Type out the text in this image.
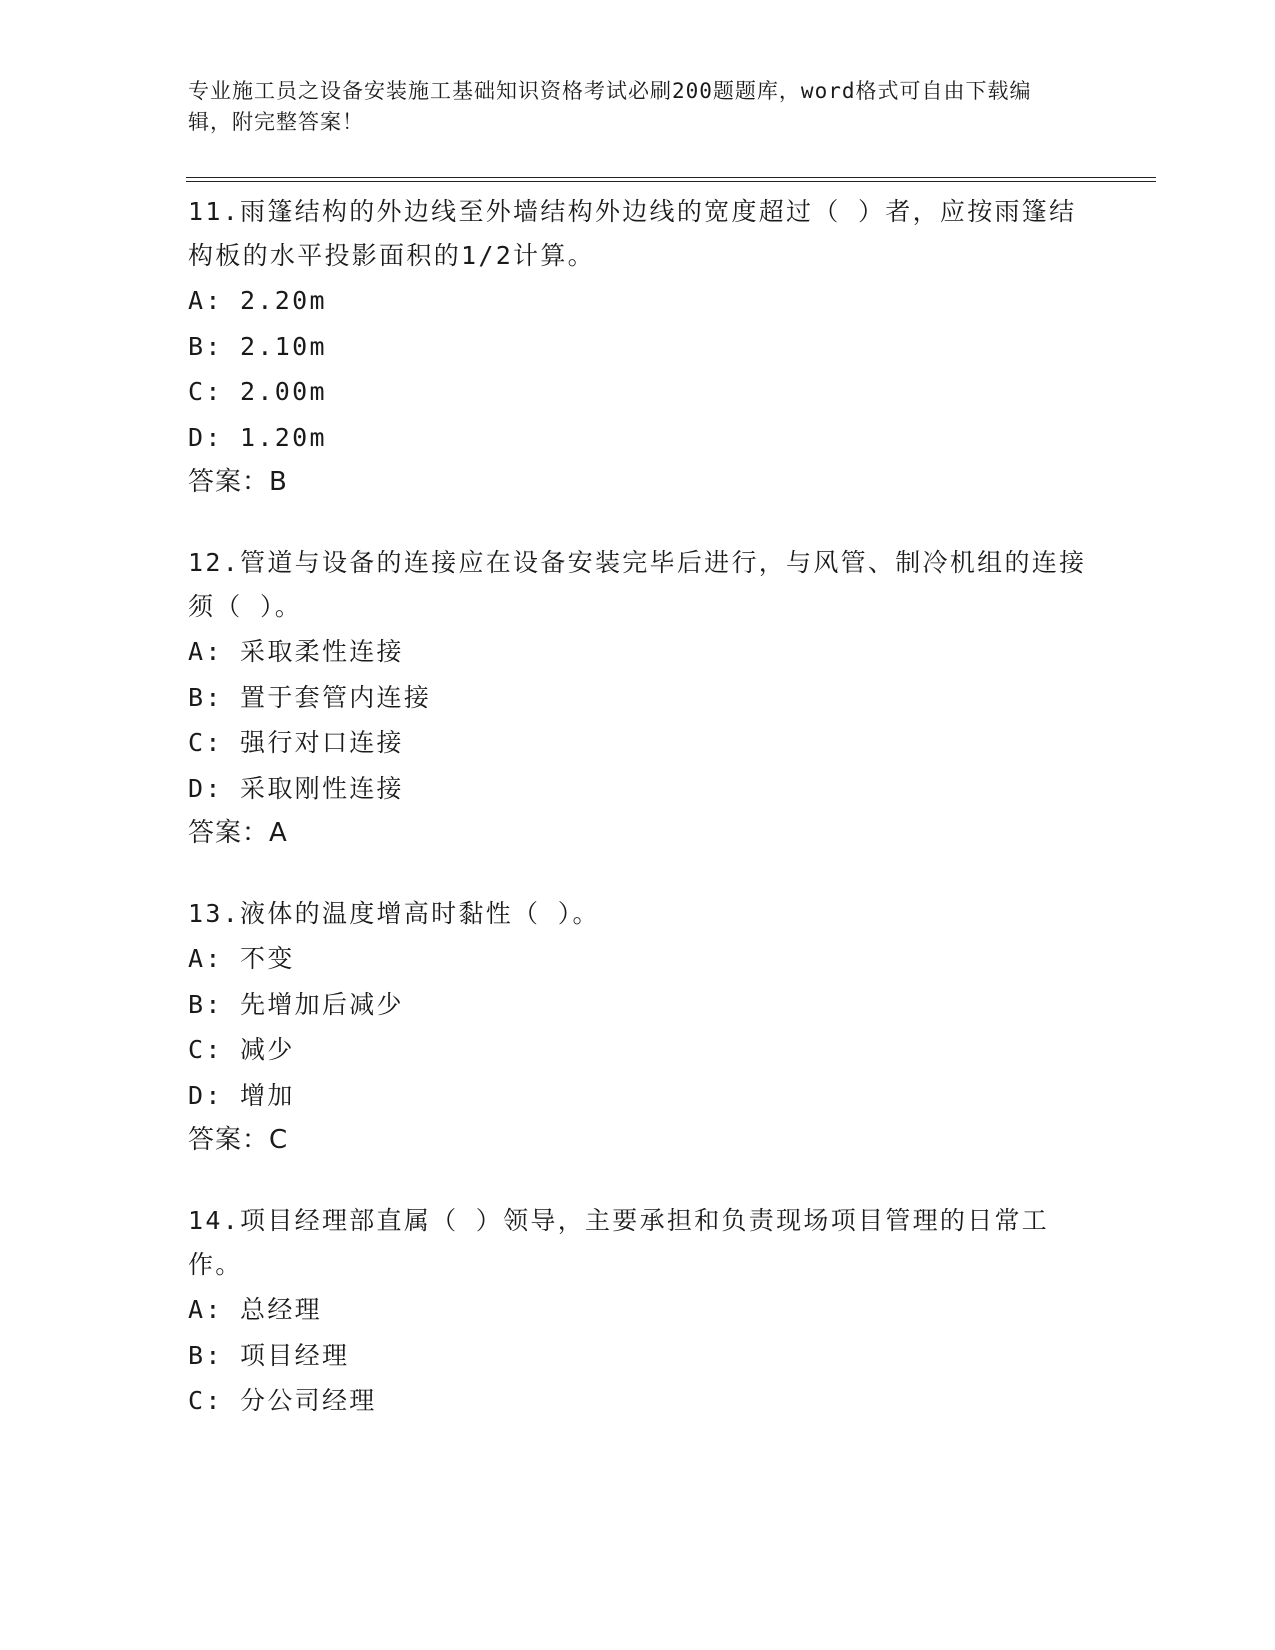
专业施工员之设备安装施工基础知识资格考试必刷200题题库，word格式可自由下载编辑，附完整答案！
11.雨篷结构的外边线至外墙结构外边线的宽度超过（ ）者，应按雨篷结构板的水平投影面积的1/2计算。
A: 2.20m
B: 2.10m
C: 2.00m
D: 1.20m
答案：B
12.管道与设备的连接应在设备安装完毕后进行，与风管、制冷机组的连接须（ ）。
A: 采取柔性连接
B: 置于套管内连接
C: 强行对口连接
D: 采取刚性连接
答案：A
13.液体的温度增高时黏性（ ）。
A: 不变
B: 先增加后减少
C: 减少
D: 增加
答案：C
14.项目经理部直属（ ）领导，主要承担和负责现场项目管理的日常工作。
A: 总经理
B: 项目经理
C: 分公司经理
